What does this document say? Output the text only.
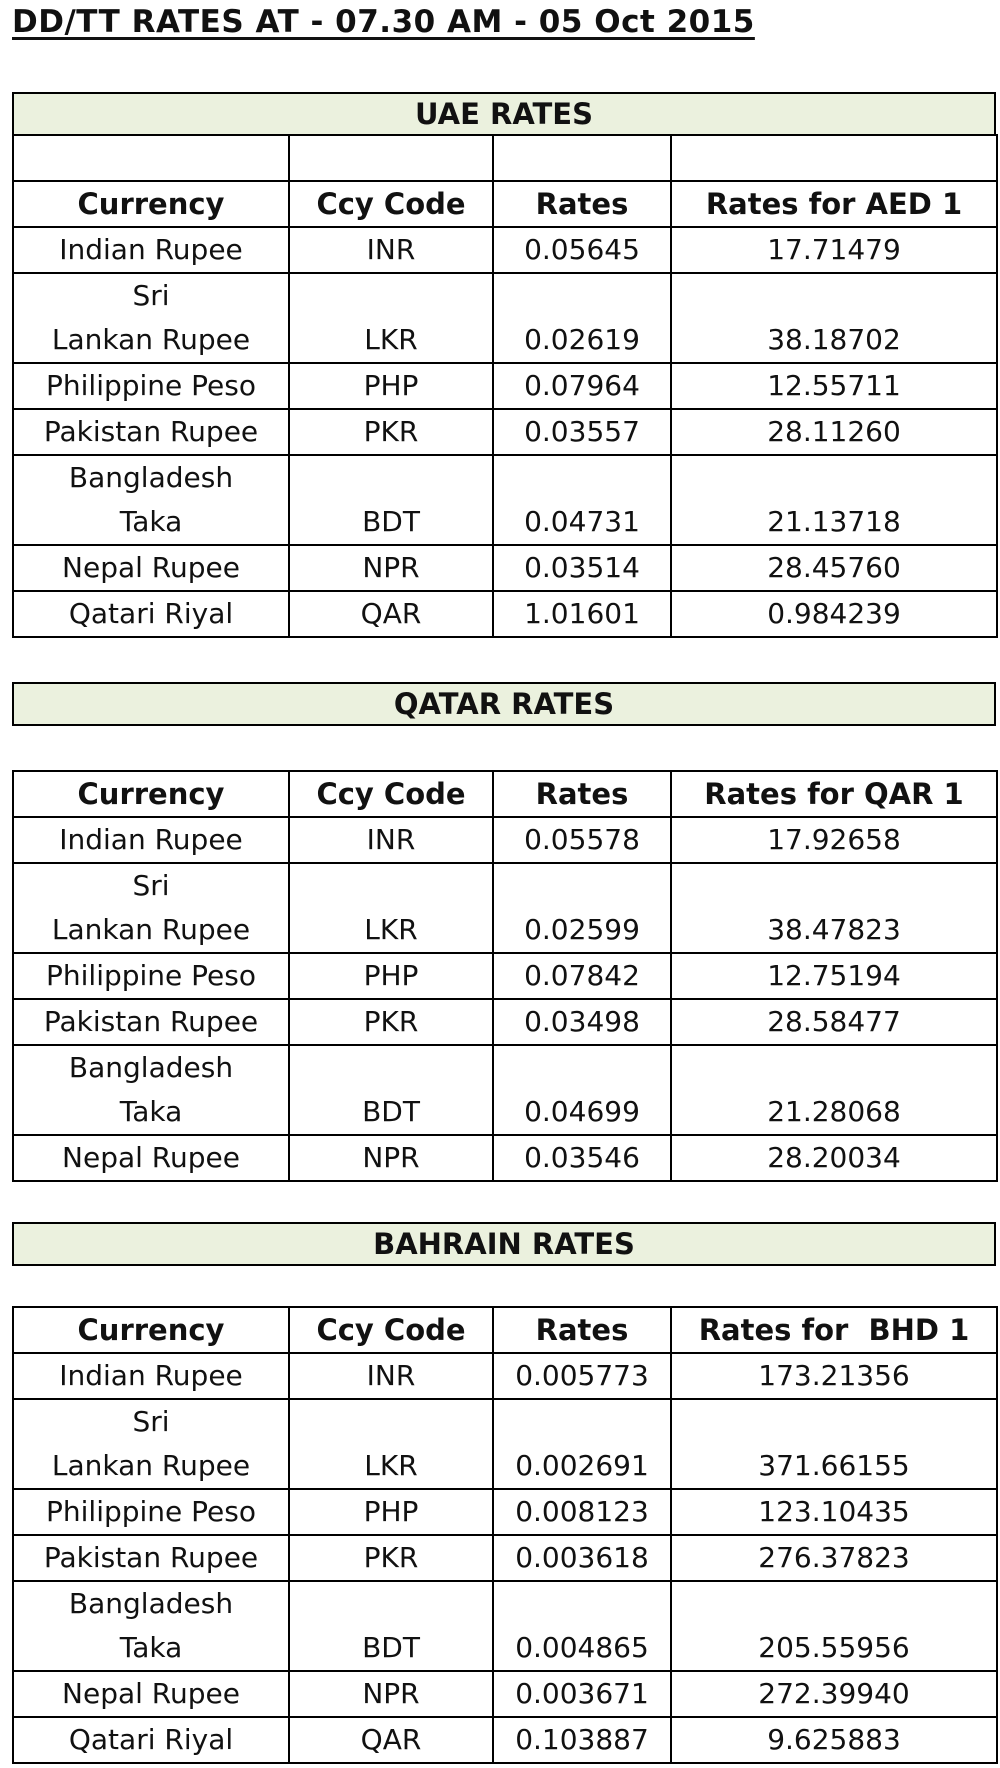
DD/TT RATES AT - 07.30 AM - 05 Oct 2015
UAE RATES

Currency	Ccy Code	Rates	Rates for AED 1
Indian Rupee	INR	0.05645	17.71479

Sri
Lankan Rupee	LKR	0.02619	38.18702
Philippine Peso	PHP	0.07964	12.55711
Pakistan Rupee	PKR	0.03557	28.11260

Bangladesh
Taka	BDT	0.04731	21.13718
Nepal Rupee	NPR	0.03514	28.45760
Qatari Riyal	QAR	1.01601	0.984239
QATAR RATES
Currency	Ccy Code	Rates	Rates for QAR 1
Indian Rupee	INR	0.05578	17.92658

Sri
Lankan Rupee	LKR	0.02599	38.47823
Philippine Peso	PHP	0.07842	12.75194
Pakistan Rupee	PKR	0.03498	28.58477

Bangladesh
Taka	BDT	0.04699	21.28068
Nepal Rupee	NPR	0.03546	28.20034
BAHRAIN RATES
Currency	Ccy Code	Rates	Rates for  BHD 1
Indian Rupee	INR	0.005773	173.21356

Sri
Lankan Rupee	LKR	0.002691	371.66155
Philippine Peso	PHP	0.008123	123.10435
Pakistan Rupee	PKR	0.003618	276.37823

Bangladesh
Taka	BDT	0.004865	205.55956
Nepal Rupee	NPR	0.003671	272.39940
Qatari Riyal	QAR	0.103887	9.625883
